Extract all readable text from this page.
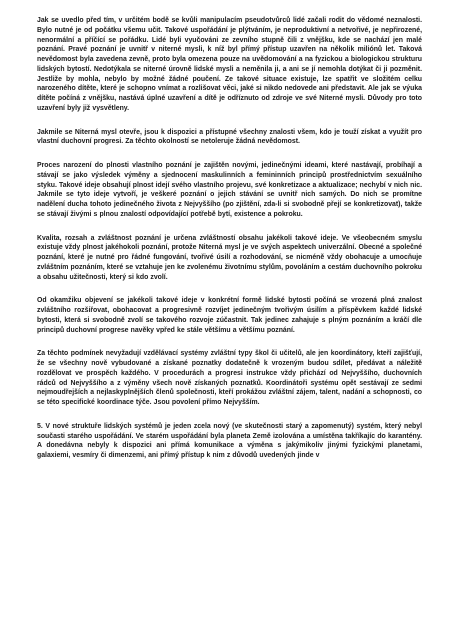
Jak se uvedlo před tím, v určitém bodě se kvůli manipulacím pseudotvůrců lidé začali rodit do vědomé neznalosti. Bylo nutné je od počátku všemu učit. Takové uspořádání je plýtváním, je neproduktivní a netvořivé, je nepřirozené, nenormální a příčící se pořádku. Lidé byli vyučováni ze zevního stupně čili z vnějšku, kde se nachází jen malé poznání. Pravé poznání je uvnitř v niterné mysli, k níž byl přímý přístup uzavřen na několik miliónů let. Taková nevědomost byla zavedena zevně, proto byla omezena pouze na uvědomování a na fyzickou a biologickou strukturu lidských bytostí. Nedotýkala se niterné úrovně lidské mysli a neměnila ji, a ani se jí nemohla dotýkat či ji pozměnit. Jestliže by mohla, nebylo by možné žádné poučení. Ze takové situace existuje, lze spatřit ve složitém celku narozeného dítěte, které je schopno vnímat a rozlišovat věci, jaké si nikdo nedovede ani představit. Ale jak se výuka dítěte počíná z vnějšku, nastává úplné uzavření a dítě je odříznuto od zdroje ve své Niterné mysli. Důvody pro toto uzavření byly již vysvětleny.

Jakmile se Niterná mysl otevře, jsou k dispozici a přístupné všechny znalosti všem, kdo je touží získat a využít pro vlastní duchovní progresi. Za těchto okolností se netoleruje žádná nevědomost.

Proces narození do plnosti vlastního poznání je zajištěn novými, jedinečnými ideami, které nastávají, probíhají a stávají se jako výsledek výměny a sjednocení maskulinních a femininních principů prostřednictvím sexuálního styku. Takové ideje obsahují plnost idejí svého vlastního projevu, své konkretizace a aktualizace; nechybí v nich nic. Jakmile se tyto ideje vytvoří, je veškeré poznání o jejich stávání se uvnitř nich samých. Do nich se promítne nadělení ducha tohoto jedinečného života z Nejvyššího (po zjištění, zda‑li si svobodně přejí se konkretizovat), takže se stávají živými s plnou znalostí odpovídající potřebě bytí, existence a pokroku.

Kvalita, rozsah a zvláštnost poznání je určena zvláštností obsahu jakékoli takové ideje. Ve všeobecném smyslu existuje vždy plnost jakéhokoli poznání, protože Niterná mysl je ve svých aspektech univerzální. Obecné a společné poznání, které je nutné pro řádné fungování, tvořivé úsilí a rozhodování, se nicméně vždy obohacuje a umocňuje zvláštním poznáním, které se vztahuje jen ke zvolenému životnímu stylům, povoláním a cestám duchovního pokroku a obsahu užitečnosti, který si kdo zvolí.

Od okamžiku objevení se jakékoli takové ideje v konkrétní formě lidské bytosti počíná se vrozená plná znalost zvláštního rozšiřovat, obohacovat a progresivně rozvíjet jedinečným tvořivým úsilím a příspěvkem každé lidské bytosti, která si svobodně zvolí se takového rozvoje zúčastnit. Tak jedinec zahajuje s plným poznáním a kráčí dle principů duchovní progrese navěky vpřed ke stále většímu a většímu poznání.

Za těchto podmínek nevyžadují vzdělávací systémy zvláštní typy škol či učitelů, ale jen koordinátory, kteří zajišťují, že se všechny nově vybudované a získané poznatky dodatečně k vrozeným budou sdílet, předávat a náležitě rozdělovat ve prospěch každého. V procedurách a progresi instrukce vždy přichází od Nejvyššího, duchovních rádců od Nejvyššího a z výměny všech nově získaných poznatků. Koordinátoři systému opět sestávají ze sedmi nejmoudřejších a nejlaskyplnějších členů společnosti, kteří prokážou zvláštní zájem, talent, nadání a schopnosti, co se této specifické koordinace týče. Jsou povolení přímo Nejvyšším.

5. V nové struktuře lidských systémů je jeden zcela nový (ve skutečnosti starý a zapomenutý) systém, který nebyl současti starého uspořádání. Ve starém uspořádání byla planeta Země izolována a umístěna takříkajíc do karantény. A donedávna nebyly k dispozici ani přímá komunikace a výměna s jakýmikoliv jinými fyzickými planetami, galaxiemi, vesmíry či dimenzemi, ani přímý přístup k nim z důvodů uvedených jinde v
